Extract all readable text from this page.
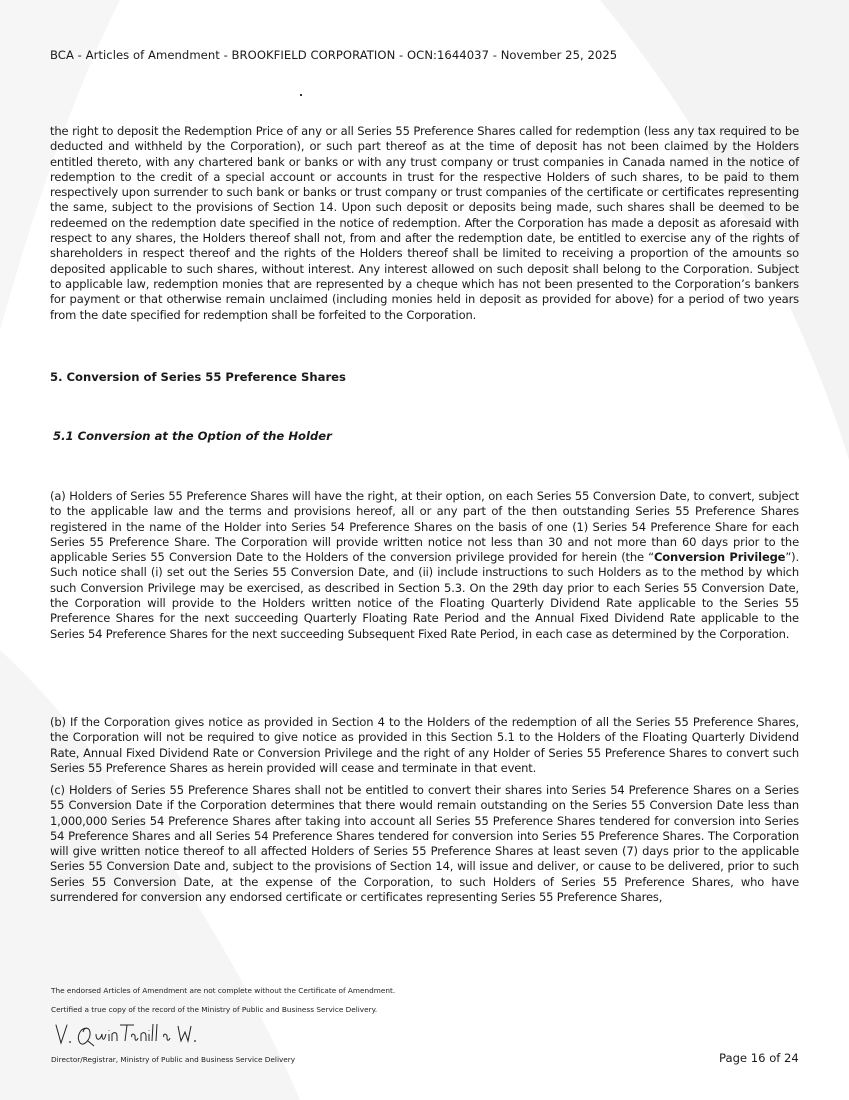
BCA - Articles of Amendment - BROOKFIELD CORPORATION - OCN:1644037 - November 25, 2025

the right to deposit the Redemption Price of any or all Series 55 Preference Shares called for redemption (less any tax required to be deducted and withheld by the Corporation), or such part thereof as at the time of deposit has not been claimed by the Holders entitled thereto, with any chartered bank or banks or with any trust company or trust companies in Canada named in the notice of redemption to the credit of a special account or accounts in trust for the respective Holders of such shares, to be paid to them respectively upon surrender to such bank or banks or trust company or trust companies of the certificate or certificates representing the same, subject to the provisions of Section 14. Upon such deposit or deposits being made, such shares shall be deemed to be redeemed on the redemption date specified in the notice of redemption. After the Corporation has made a deposit as aforesaid with respect to any shares, the Holders thereof shall not, from and after the redemption date, be entitled to exercise any of the rights of shareholders in respect thereof and the rights of the Holders thereof shall be limited to receiving a proportion of the amounts so deposited applicable to such shares, without interest. Any interest allowed on such deposit shall belong to the Corporation. Subject to applicable law, redemption monies that are represented by a cheque which has not been presented to the Corporation’s bankers for payment or that otherwise remain unclaimed (including monies held in deposit as provided for above) for a period of two years from the date specified for redemption shall be forfeited to the Corporation.

5. Conversion of Series 55 Preference Shares

5.1 Conversion at the Option of the Holder

(a) Holders of Series 55 Preference Shares will have the right, at their option, on each Series 55 Conversion Date, to convert, subject to the applicable law and the terms and provisions hereof, all or any part of the then outstanding Series 55 Preference Shares registered in the name of the Holder into Series 54 Preference Shares on the basis of one (1) Series 54 Preference Share for each Series 55 Preference Share. The Corporation will provide written notice not less than 30 and not more than 60 days prior to the applicable Series 55 Conversion Date to the Holders of the conversion privilege provided for herein (the “Conversion Privilege”). Such notice shall (i) set out the Series 55 Conversion Date, and (ii) include instructions to such Holders as to the method by which such Conversion Privilege may be exercised, as described in Section 5.3. On the 29th day prior to each Series 55 Conversion Date, the Corporation will provide to the Holders written notice of the Floating Quarterly Dividend Rate applicable to the Series 55 Preference Shares for the next succeeding Quarterly Floating Rate Period and the Annual Fixed Dividend Rate applicable to the Series 54 Preference Shares for the next succeeding Subsequent Fixed Rate Period, in each case as determined by the Corporation.

(b) If the Corporation gives notice as provided in Section 4 to the Holders of the redemption of all the Series 55 Preference Shares, the Corporation will not be required to give notice as provided in this Section 5.1 to the Holders of the Floating Quarterly Dividend Rate, Annual Fixed Dividend Rate or Conversion Privilege and the right of any Holder of Series 55 Preference Shares to convert such Series 55 Preference Shares as herein provided will cease and terminate in that event.

(c) Holders of Series 55 Preference Shares shall not be entitled to convert their shares into Series 54 Preference Shares on a Series 55 Conversion Date if the Corporation determines that there would remain outstanding on the Series 55 Conversion Date less than 1,000,000 Series 54 Preference Shares after taking into account all Series 55 Preference Shares tendered for conversion into Series 54 Preference Shares and all Series 54 Preference Shares tendered for conversion into Series 55 Preference Shares. The Corporation will give written notice thereof to all affected Holders of Series 55 Preference Shares at least seven (7) days prior to the applicable Series 55 Conversion Date and, subject to the provisions of Section 14, will issue and deliver, or cause to be delivered, prior to such Series 55 Conversion Date, at the expense of the Corporation, to such Holders of Series 55 Preference Shares, who have surrendered for conversion any endorsed certificate or certificates representing Series 55 Preference Shares,

The endorsed Articles of Amendment are not complete without the Certificate of Amendment.

Certified a true copy of the record of the Ministry of Public and Business Service Delivery.

Director/Registrar, Ministry of Public and Business Service Delivery	Page 16 of 24
